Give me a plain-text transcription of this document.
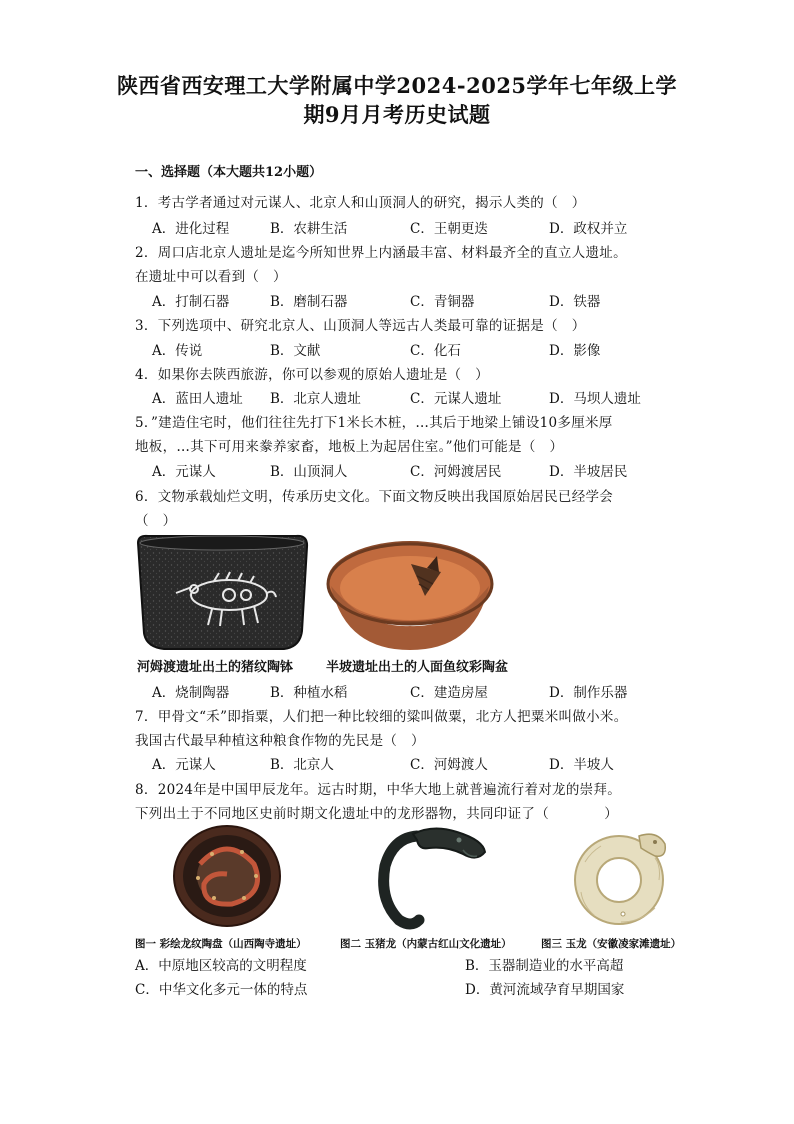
陕西省西安理工大学附属中学2024-2025学年七年级上学
期9月月考历史试题
一、选择题（本大题共12小题）
1．考古学者通过对元谋人、北京人和山顶洞人的研究，揭示人类的（　）
A．进化过程	B．农耕生活	C．王朝更迭	D．政权并立
2．周口店北京人遗址是迄今所知世界上内涵最丰富、材料最齐全的直立人遗址。
在遗址中可以看到（　）
A．打制石器	B．磨制石器	C．青铜器	D．铁器
3．下列选项中、研究北京人、山顶洞人等远古人类最可靠的证据是（　）
A．传说	B．文献	C．化石	D．影像
4．如果你去陕西旅游，你可以参观的原始人遗址是（　）
A．蓝田人遗址 B．北京人遗址	C．元谋人遗址	D．马坝人遗址
5．”建造住宅时，他们往往先打下1米长木桩，…其后于地梁上铺设10多厘米厚
地板，…其下可用来豢养家畜，地板上为起居住室。”他们可能是（　）
A．元谋人	B．山顶洞人	C．河姆渡居民	D．半坡居民
6．文物承载灿烂文明，传承历史文化。下面文物反映出我国原始居民已经学会
（　）
河姆渡遗址出土的猪纹陶钵	半坡遗址出土的人面鱼纹彩陶盆
A．烧制陶器	B．种植水稻	C．建造房屋	D．制作乐器
7．甲骨文“禾”即指粟，人们把一种比较细的粱叫做粟，北方人把粟米叫做小米。
我国古代最早种植这种粮食作物的先民是（　）
A．元谋人	B．北京人	C．河姆渡人	D．半坡人
8．2024年是中国甲辰龙年。远古时期，中华大地上就普遍流行着对龙的崇拜。
下列出土于不同地区史前时期文化遗址中的龙形器物，共同印证了（　　　　）
图一 彩绘龙纹陶盘（山西陶寺遗址）	图二 玉猪龙（内蒙古红山文化遗址）	图三 玉龙（安徽凌家滩遗址）
A．中原地区较高的文明程度	B．玉器制造业的水平高超
C．中华文化多元一体的特点	D．黄河流域孕育早期国家
